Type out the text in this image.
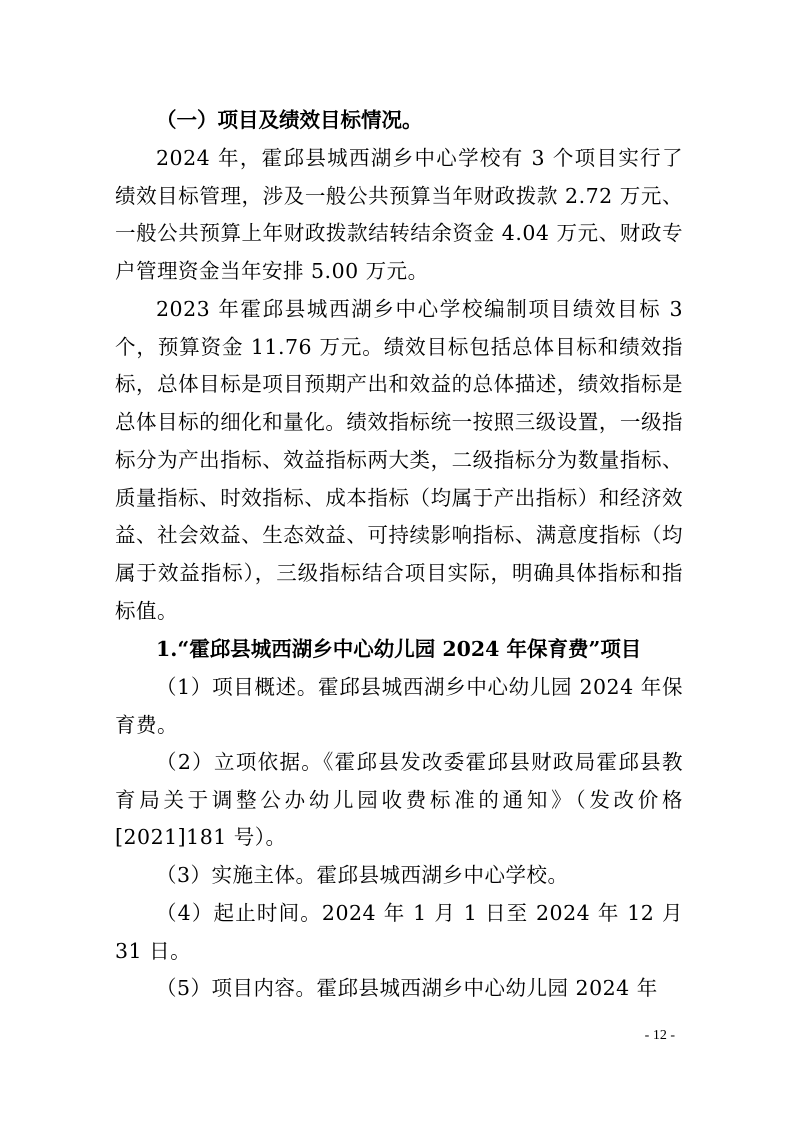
（一）项目及绩效目标情况。

2024 年，霍邱县城西湖乡中心学校有 3 个项目实行了绩效目标管理，涉及一般公共预算当年财政拨款 2.72 万元、一般公共预算上年财政拨款结转结余资金 4.04 万元、财政专户管理资金当年安排 5.00 万元。

2023 年霍邱县城西湖乡中心学校编制项目绩效目标 3 个，预算资金 11.76 万元。绩效目标包括总体目标和绩效指标，总体目标是项目预期产出和效益的总体描述，绩效指标是总体目标的细化和量化。绩效指标统一按照三级设置，一级指标分为产出指标、效益指标两大类，二级指标分为数量指标、质量指标、时效指标、成本指标（均属于产出指标）和经济效益、社会效益、生态效益、可持续影响指标、满意度指标（均属于效益指标），三级指标结合项目实际，明确具体指标和指标值。

1.“霍邱县城西湖乡中心幼儿园 2024 年保育费”项目

（1）项目概述。霍邱县城西湖乡中心幼儿园 2024 年保育费。

（2）立项依据。《霍邱县发改委霍邱县财政局霍邱县教育局关于调整公办幼儿园收费标准的通知》（发改价格[2021]181 号）。

（3）实施主体。霍邱县城西湖乡中心学校。

（4）起止时间。2024 年 1 月 1 日至 2024 年 12 月 31 日。

（5）项目内容。霍邱县城西湖乡中心幼儿园 2024 年

- 12 -
